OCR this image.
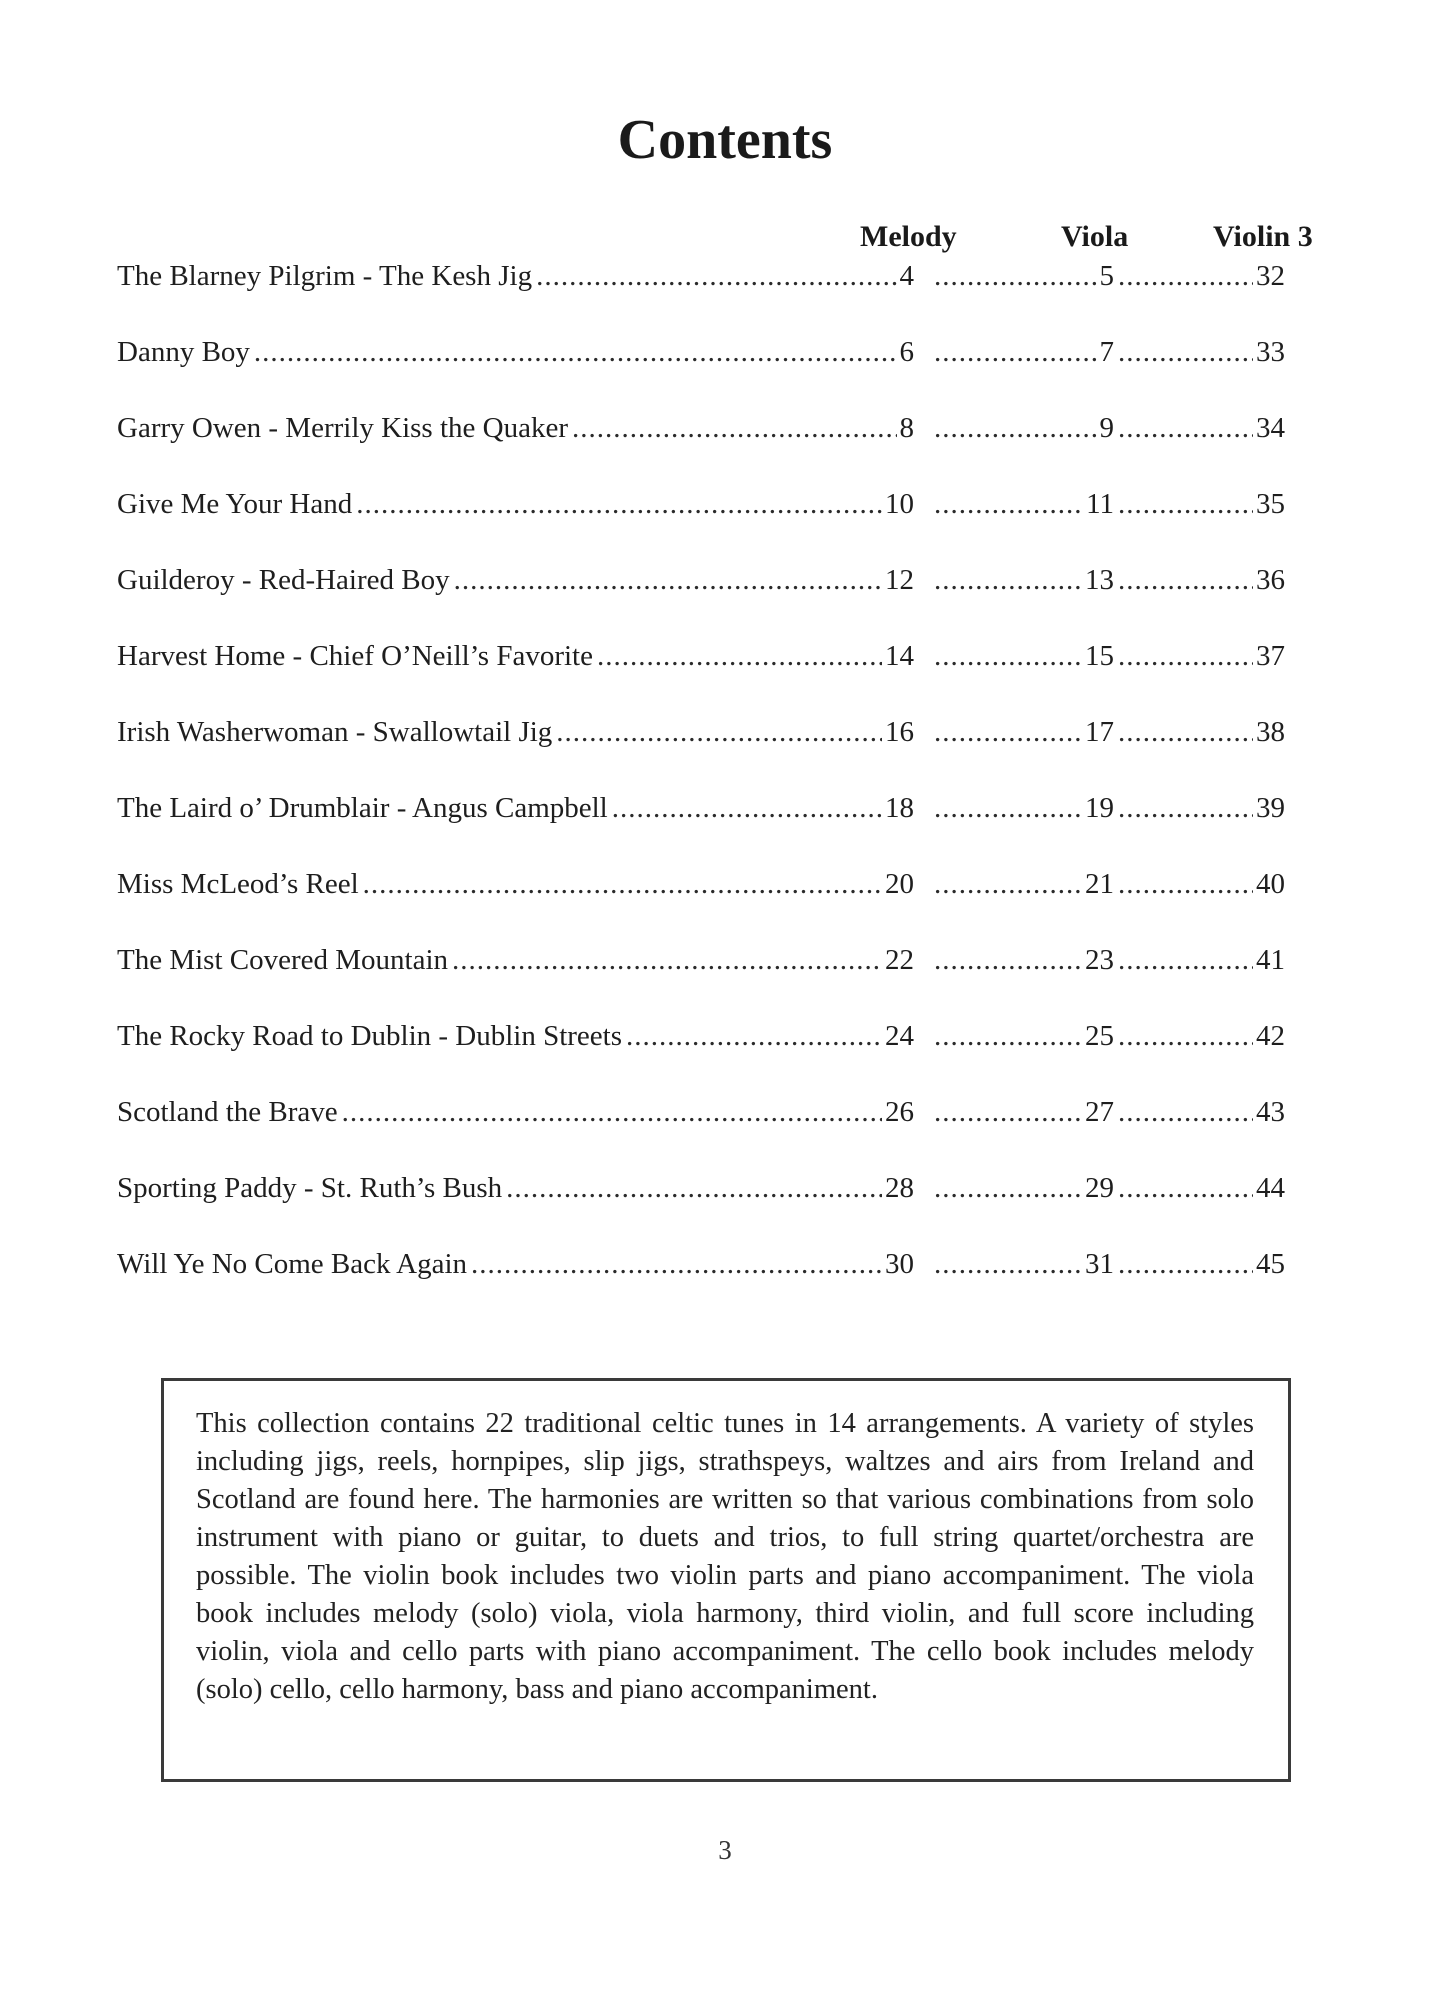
Contents
Melody	Viola	Violin 3
The Blarney Pilgrim - The Kesh Jig .....	4 .....	5 .....	32
Danny Boy .....	6 .....	7 .....	33
Garry Owen - Merrily Kiss the Quaker .....	8 .....	9 .....	34
Give Me Your Hand .....	10 .....	11 .....	35
Guilderoy - Red-Haired Boy .....	12 .....	13 .....	36
Harvest Home - Chief O’Neill’s Favorite .....	14 .....	15 .....	37
Irish Washerwoman - Swallowtail Jig .....	16 .....	17 .....	38
The Laird o’ Drumblair - Angus Campbell .....	18 .....	19 .....	39
Miss McLeod’s Reel .....	20 .....	21 .....	40
The Mist Covered Mountain .....	22 .....	23 .....	41
The Rocky Road to Dublin - Dublin Streets .....	24 .....	25 .....	42
Scotland the Brave .....	26 .....	27 .....	43
Sporting Paddy - St. Ruth’s Bush .....	28 .....	29 .....	44
Will Ye No Come Back Again .....	30 .....	31 .....	45
This collection contains 22 traditional celtic tunes in 14 arrangements. A variety of styles including jigs, reels, hornpipes, slip jigs, strathspeys, waltzes and airs from Ireland and Scotland are found here. The harmonies are written so that various combinations from solo instrument with piano or guitar, to duets and trios, to full string quartet/orchestra are possible. The violin book includes two violin parts and piano accompaniment. The viola book includes melody (solo) viola, viola harmony, third violin, and full score including violin, viola and cello parts with piano accompaniment. The cello book includes melody (solo) cello, cello harmony, bass and piano accompaniment.
3
